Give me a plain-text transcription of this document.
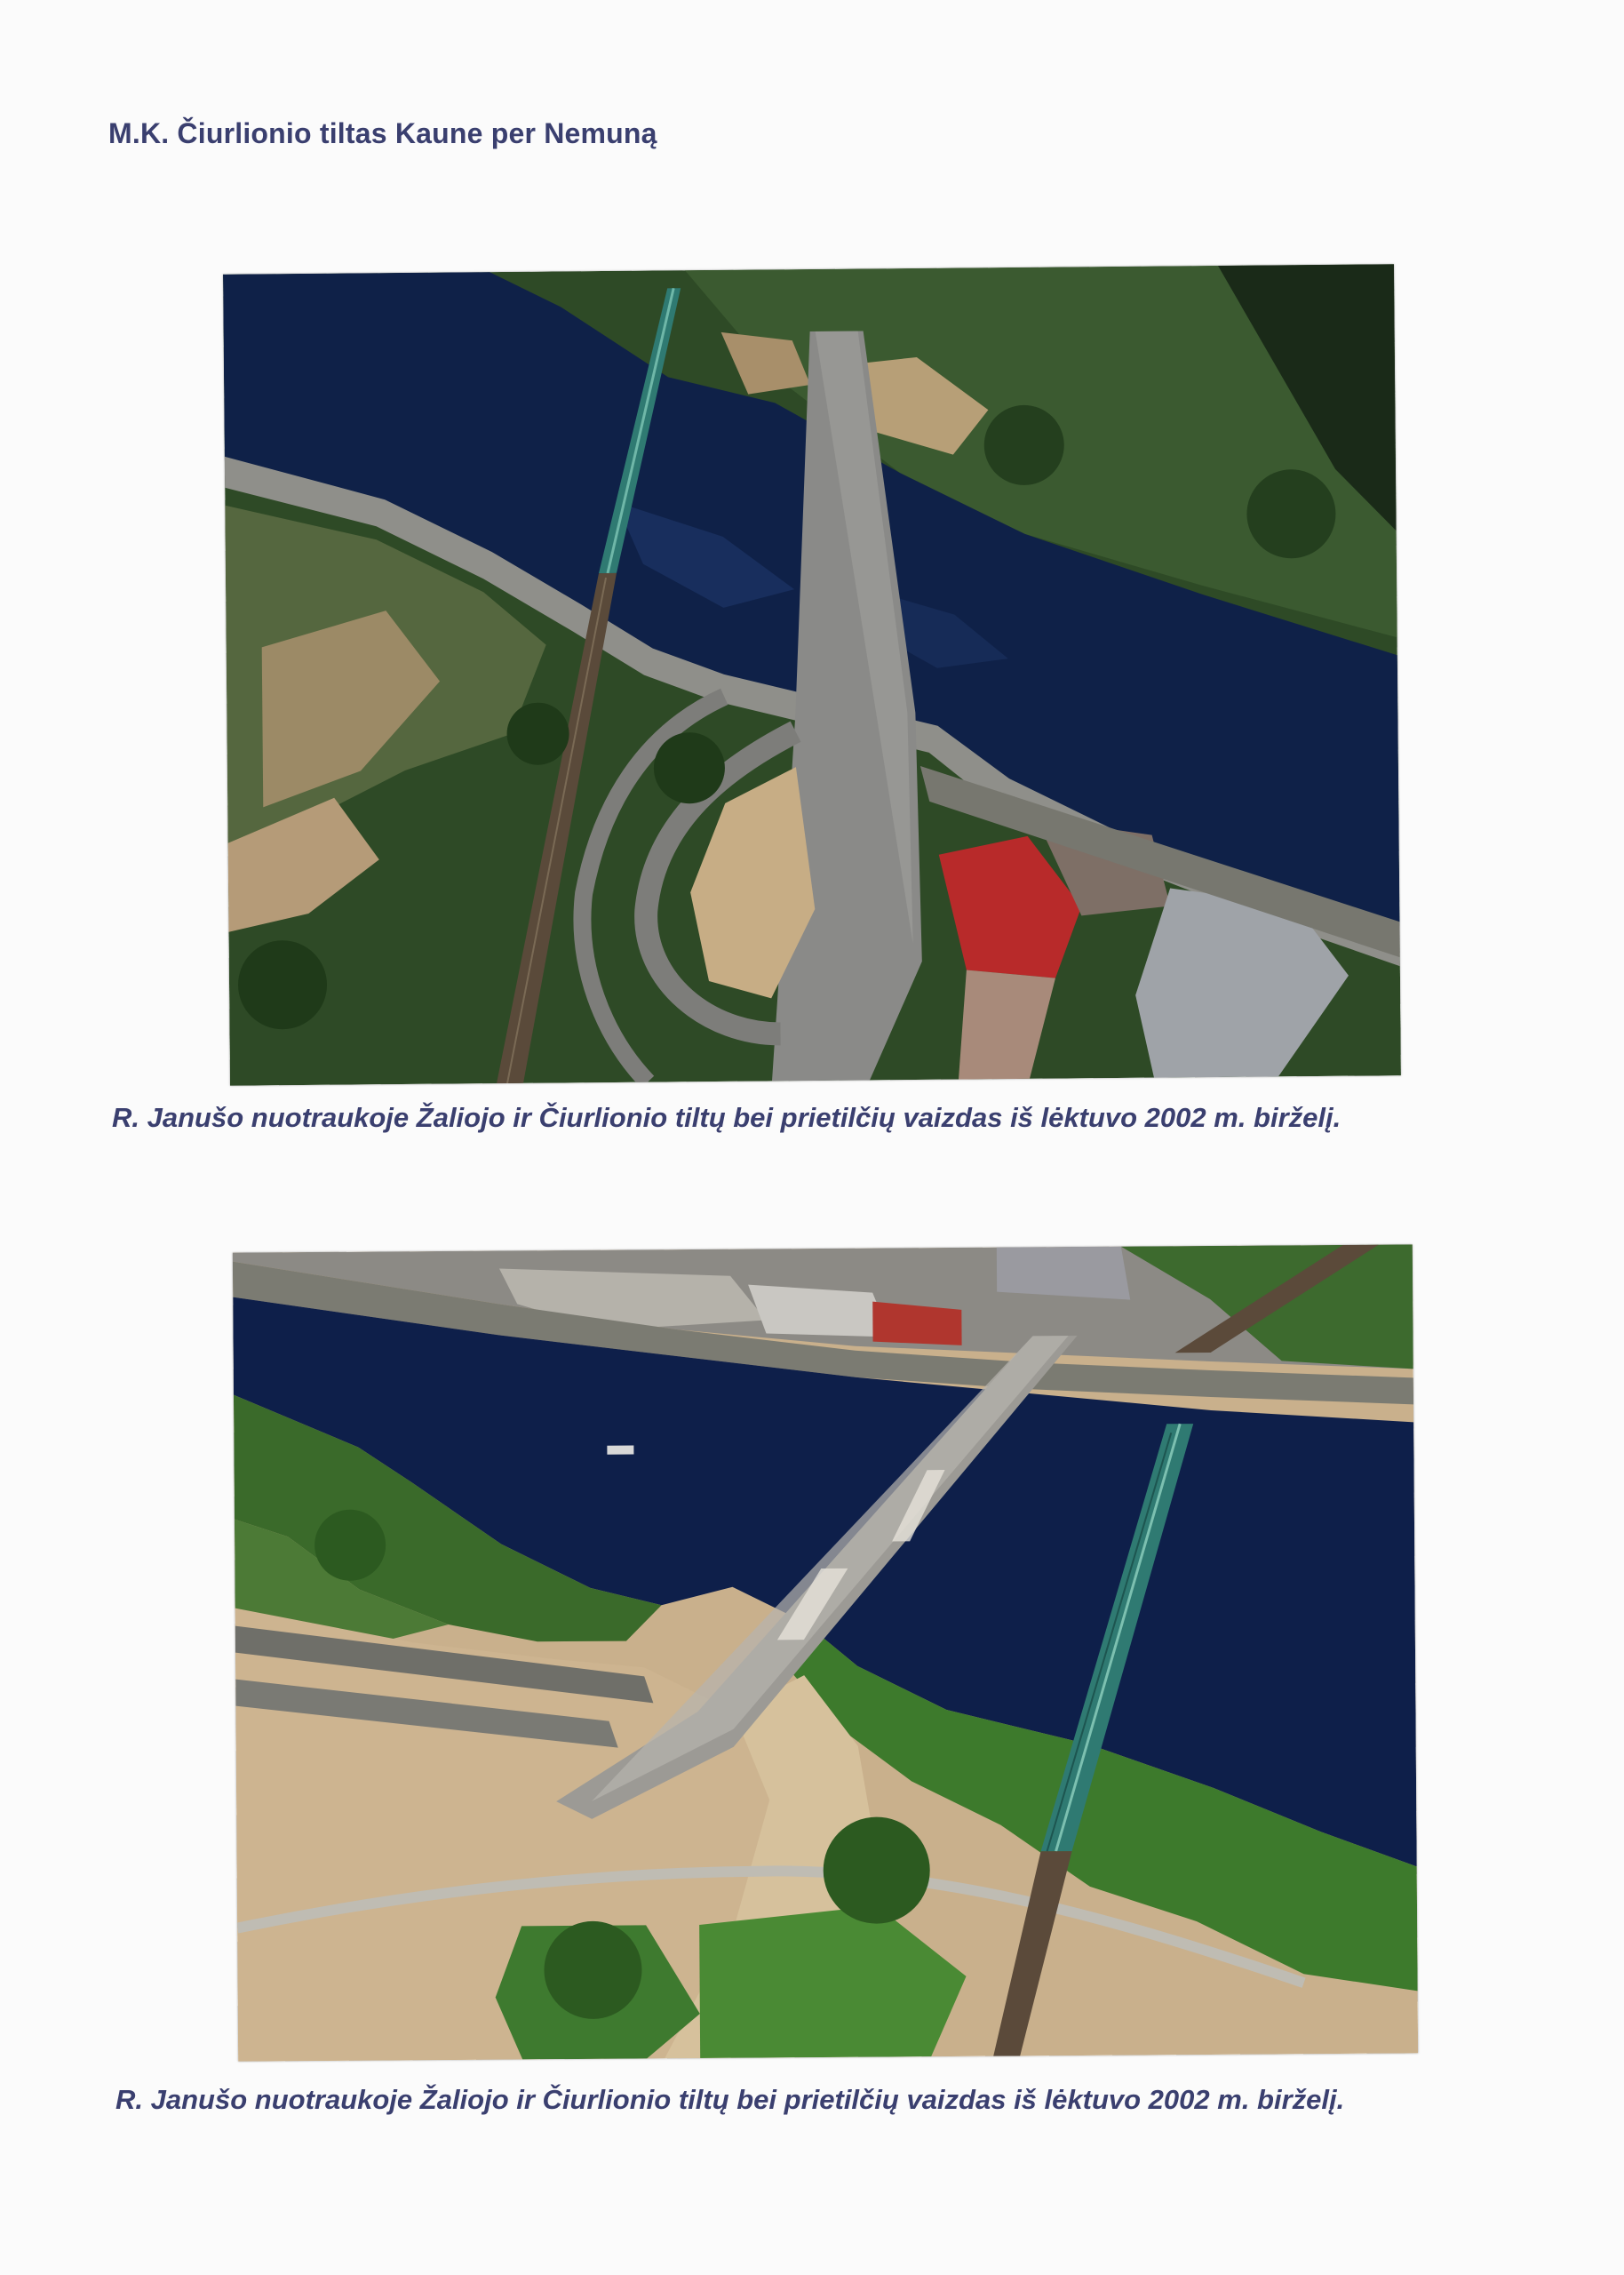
M.K. Čiurlionio tiltas Kaune per Nemuną
R. Janušo nuotraukoje Žaliojo ir Čiurlionio tiltų bei prietilčių vaizdas iš lėktuvo 2002 m. birželį.
R. Janušo nuotraukoje Žaliojo ir Čiurlionio tiltų bei prietilčių vaizdas iš lėktuvo 2002 m. birželį.
